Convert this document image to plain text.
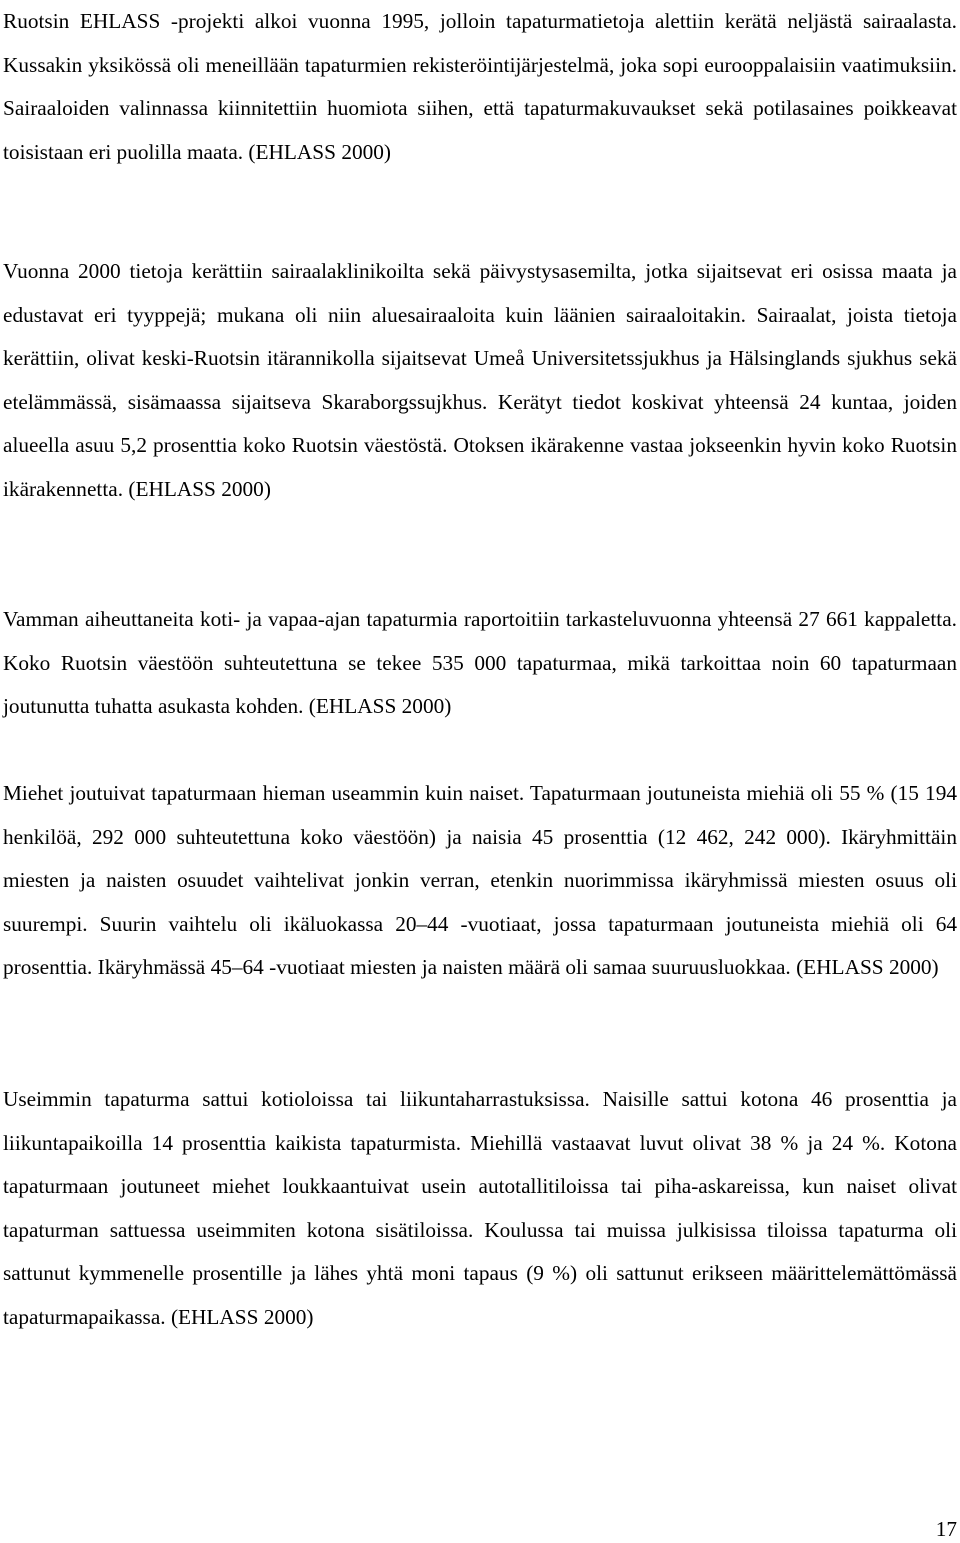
Ruotsin EHLASS -projekti alkoi vuonna 1995, jolloin tapaturmatietoja alettiin kerätä neljästä sairaalasta. Kussakin yksikössä oli meneillään tapaturmien rekisteröintijärjestelmä, joka sopi eurooppalaisiin vaatimuksiin. Sairaaloiden valinnassa kiinnitettiin huomiota siihen, että tapaturmakuvaukset sekä potilasaines poikkeavat toisistaan eri puolilla maata. (EHLASS 2000)

Vuonna 2000 tietoja kerättiin sairaalaklinikoilta sekä päivystysasemilta, jotka sijaitsevat eri osissa maata ja edustavat eri tyyppejä; mukana oli niin aluesairaaloita kuin läänien sairaaloitakin. Sairaalat, joista tietoja kerättiin, olivat keski-Ruotsin itärannikolla sijaitsevat Umeå Universitetssjukhus ja Hälsinglands sjukhus sekä etelämmässä, sisämaassa sijaitseva Skaraborgssujkhus. Kerätyt tiedot koskivat yhteensä 24 kuntaa, joiden alueella asuu 5,2 prosenttia koko Ruotsin väestöstä. Otoksen ikärakenne vastaa jokseenkin hyvin koko Ruotsin ikärakennetta. (EHLASS 2000)

Vamman aiheuttaneita koti- ja vapaa-ajan tapaturmia raportoitiin tarkasteluvuonna yhteensä 27 661 kappaletta. Koko Ruotsin väestöön suhteutettuna se tekee 535 000 tapaturmaa, mikä tarkoittaa noin 60 tapaturmaan joutunutta tuhatta asukasta kohden. (EHLASS 2000)

Miehet joutuivat tapaturmaan hieman useammin kuin naiset. Tapaturmaan joutuneista miehiä oli 55 % (15 194 henkilöä, 292 000 suhteutettuna koko väestöön) ja naisia 45 prosenttia (12 462, 242 000). Ikäryhmittäin miesten ja naisten osuudet vaihtelivat jonkin verran, etenkin nuorimmissa ikäryhmissä miesten osuus oli suurempi. Suurin vaihtelu oli ikäluokassa 20–44 -vuotiaat, jossa tapaturmaan joutuneista miehiä oli 64 prosenttia. Ikäryhmässä 45–64 -vuotiaat miesten ja naisten määrä oli samaa suuruusluokkaa. (EHLASS 2000)

Useimmin tapaturma sattui kotioloissa tai liikuntaharrastuksissa. Naisille sattui kotona 46 prosenttia ja liikuntapaikoilla 14 prosenttia kaikista tapaturmista. Miehillä vastaavat luvut olivat 38 % ja 24 %. Kotona tapaturmaan joutuneet miehet loukkaantuivat usein autotallitiloissa tai piha-askareissa, kun naiset olivat tapaturman sattuessa useimmiten kotona sisätiloissa. Koulussa tai muissa julkisissa tiloissa tapaturma oli sattunut kymmenelle prosentille ja lähes yhtä moni tapaus (9 %) oli sattunut erikseen määrittelemättömässä tapaturmapaikassa. (EHLASS 2000)

17
